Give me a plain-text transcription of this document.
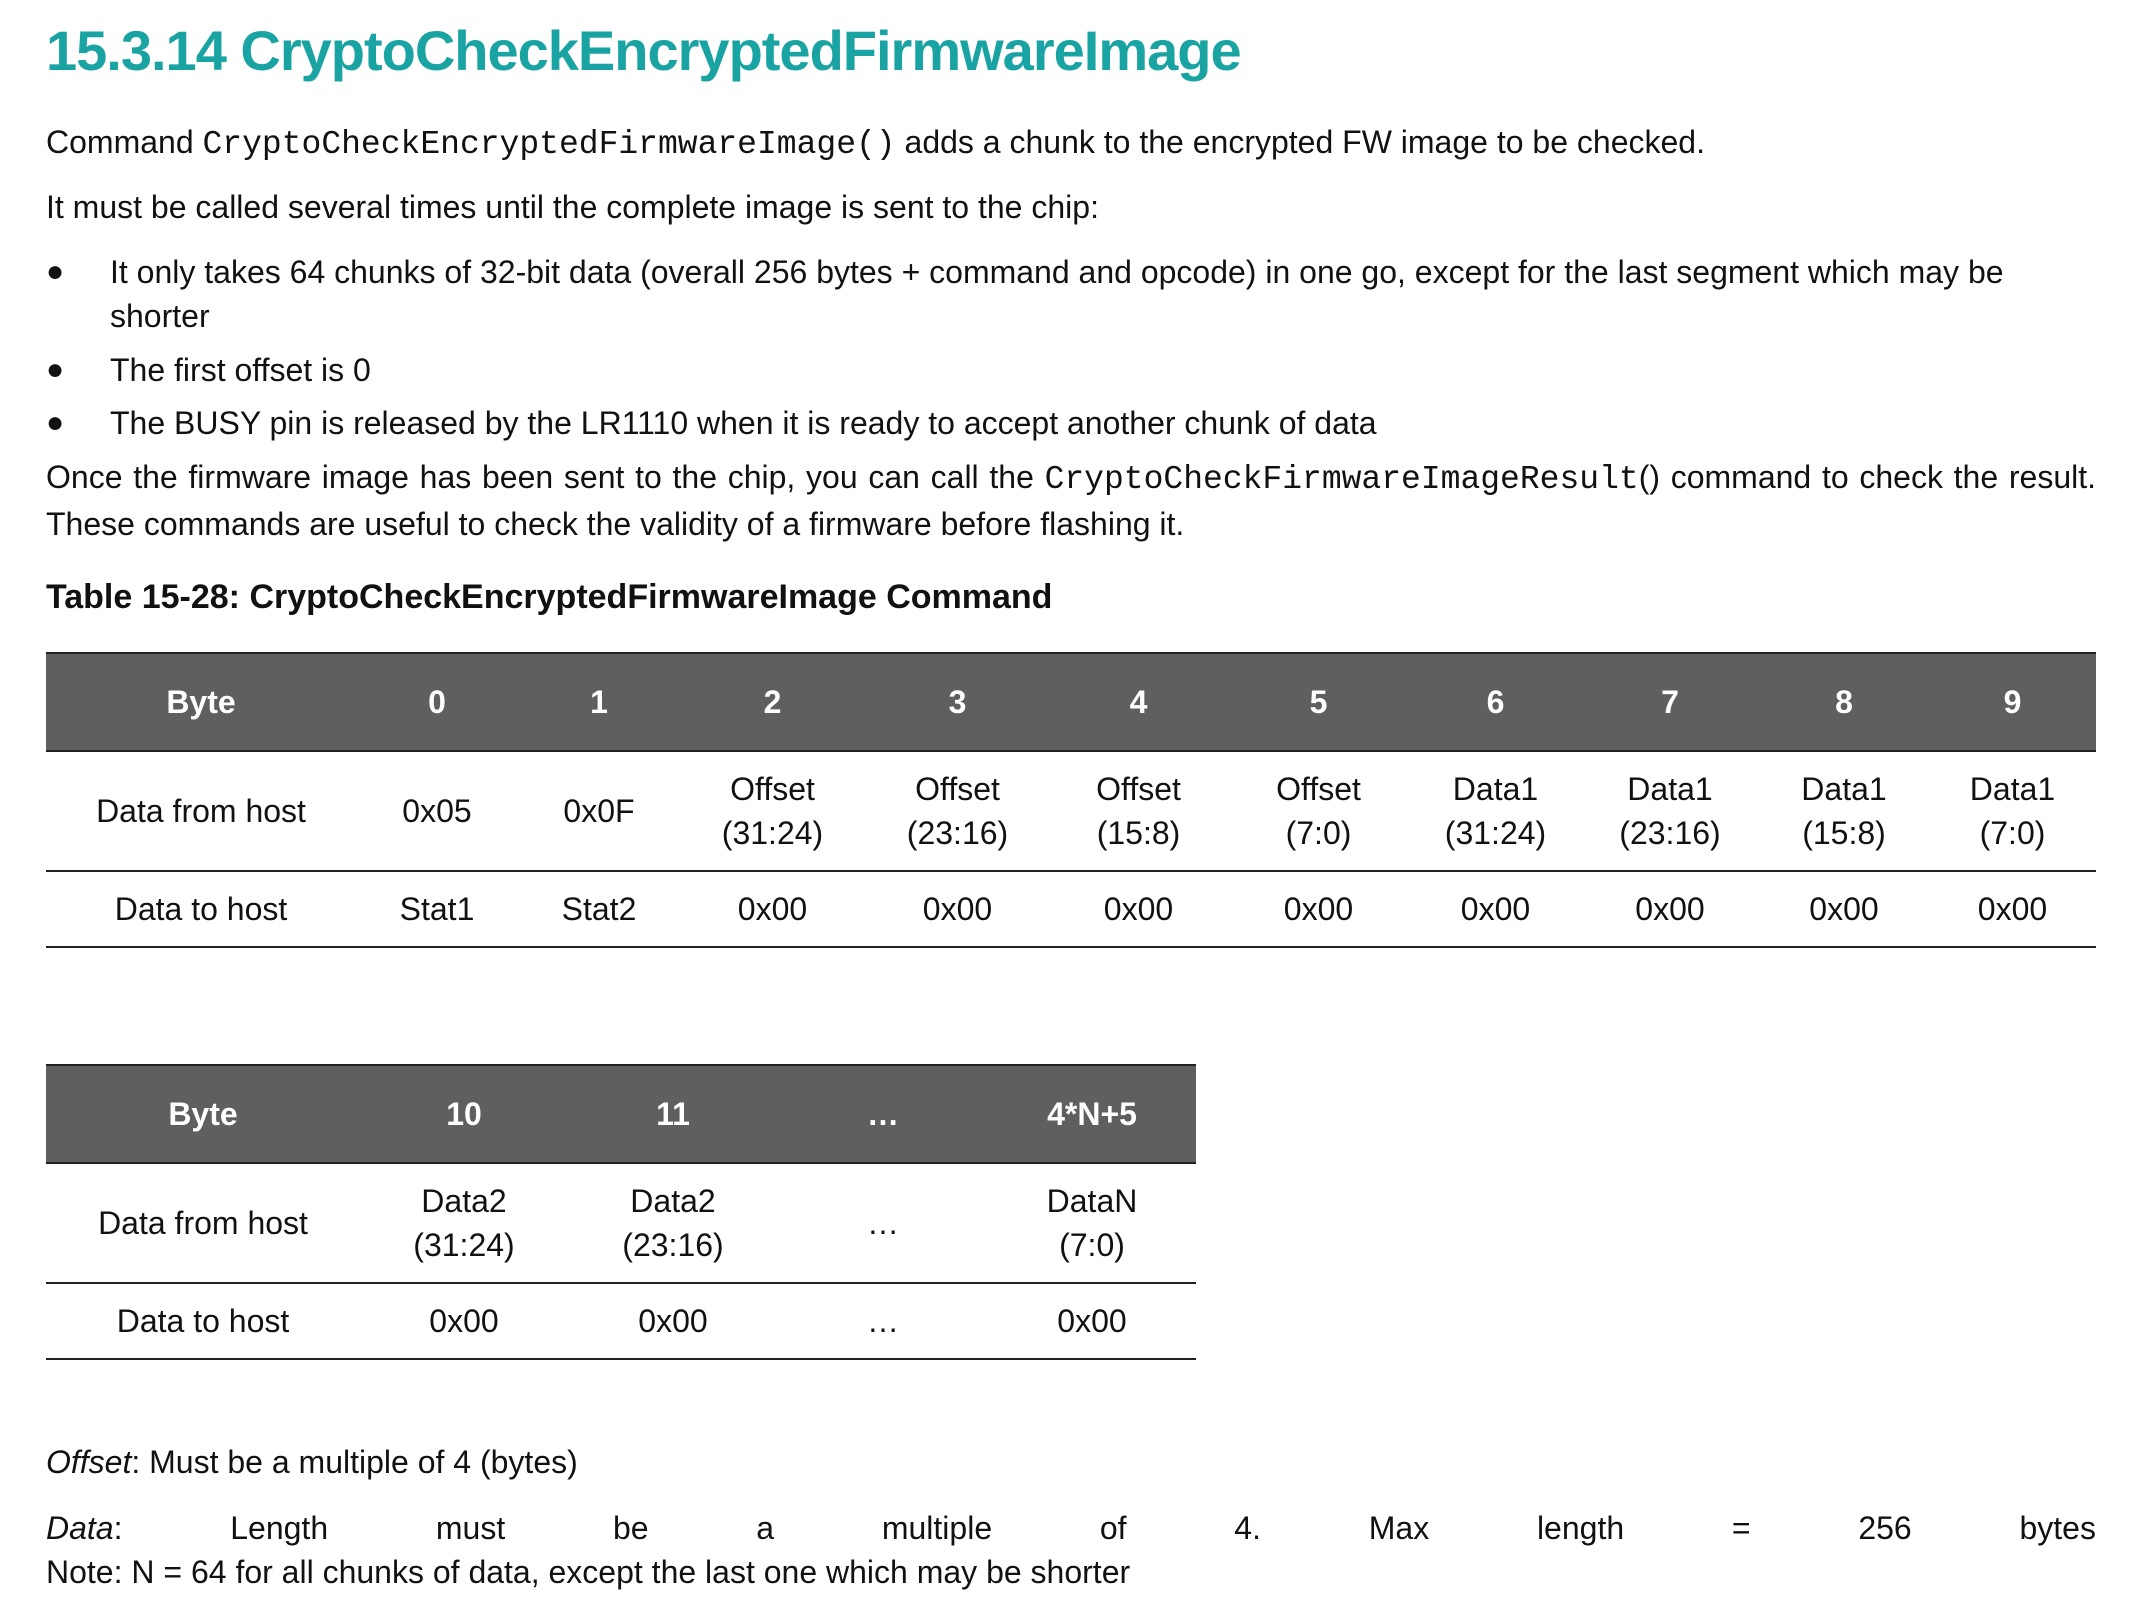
15.3.14 CryptoCheckEncryptedFirmwareImage

Command CryptoCheckEncryptedFirmwareImage() adds a chunk to the encrypted FW image to be checked.

It must be called several times until the complete image is sent to the chip:

● It only takes 64 chunks of 32-bit data (overall 256 bytes + command and opcode) in one go, except for the last segment which may be shorter
● The first offset is 0
● The BUSY pin is released by the LR1110 when it is ready to accept another chunk of data

Once the firmware image has been sent to the chip, you can call the CryptoCheckFirmwareImageResult() command to check the result. These commands are useful to check the validity of a firmware before flashing it.

Table 15-28: CryptoCheckEncryptedFirmwareImage Command
Byte	0	1	2	3	4	5	6	7	8	9
Data from host	0x05	0x0F	Offset
(31:24)	Offset
(23:16)	Offset
(15:8)	Offset
(7:0)	Data1
(31:24)	Data1
(23:16)	Data1
(15:8)	Data1
(7:0)
Data to host	Stat1	Stat2	0x00	0x00	0x00	0x00	0x00	0x00	0x00	0x00
Byte	10	11	…	4*N+5
Data from host	Data2
(31:24)	Data2
(23:16)	…	DataN
(7:0)
Data to host	0x00	0x00	…	0x00
Offset: Must be a multiple of 4 (bytes)
Data:	Length	must	be	a	multiple	of	4.	Max	length	=	256	bytes
Note: N = 64 for all chunks of data, except the last one which may be shorter
